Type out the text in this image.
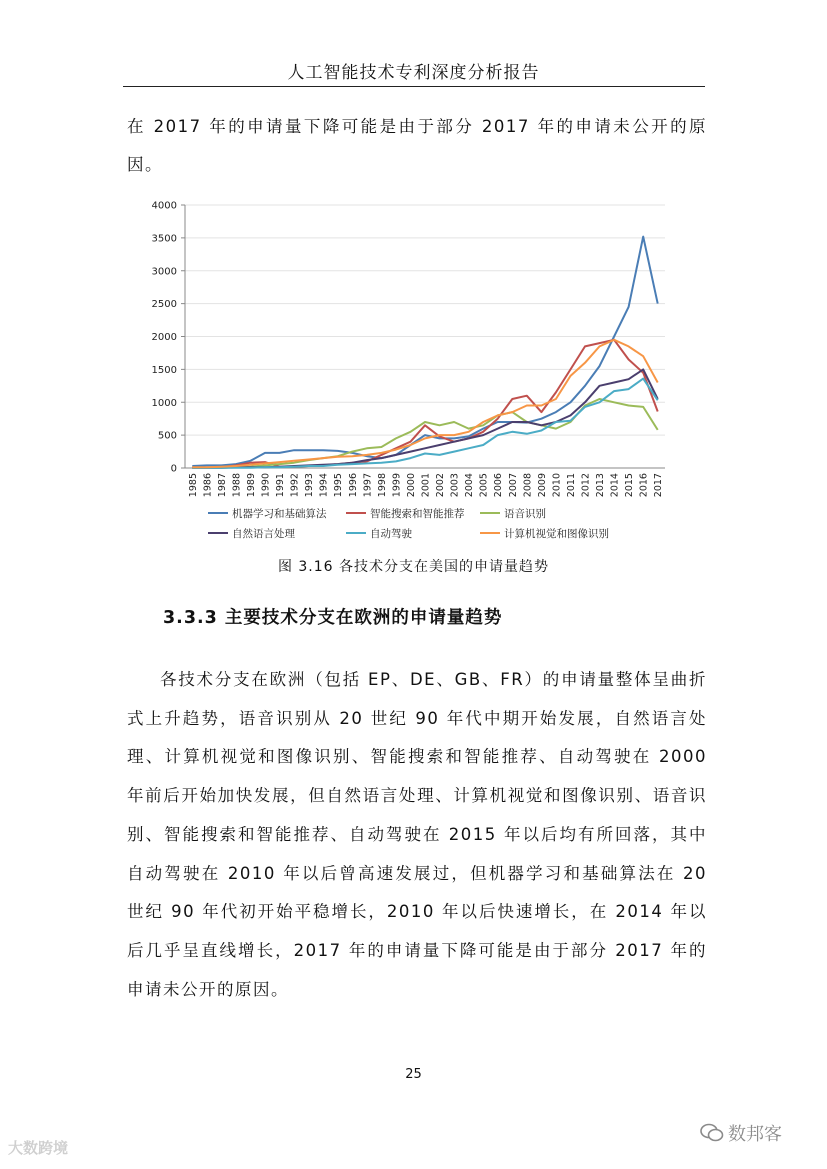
人工智能技术专利深度分析报告
在 2017 年的申请量下降可能是由于部分 2017 年的申请未公开的原因。
0
500
1000
1500
2000
2500
3000
3500
4000
1985 1986 1987 1988 1989 1990 1991 1992 1993 1994 1995 1996 1997 1998 1999 2000 2001 2002 2003 2004 2005 2006 2007 2008 2009 2010 2011 2012 2013 2014 2015 2016 2017
机器学习和基础算法	智能搜索和智能推荐	语音识别
自然语言处理	自动驾驶	计算机视觉和图像识别
图 3.16 各技术分支在美国的申请量趋势
3.3.3 主要技术分支在欧洲的申请量趋势
各技术分支在欧洲（包括 EP、DE、GB、FR）的申请量整体呈曲折式上升趋势，语音识别从 20 世纪 90 年代中期开始发展，自然语言处理、计算机视觉和图像识别、智能搜索和智能推荐、自动驾驶在 2000 年前后开始加快发展，但自然语言处理、计算机视觉和图像识别、语音识别、智能搜索和智能推荐、自动驾驶在 2015 年以后均有所回落，其中自动驾驶在 2010 年以后曾高速发展过，但机器学习和基础算法在 20 世纪 90 年代初开始平稳增长，2010 年以后快速增长，在 2014 年以后几乎呈直线增长，2017 年的申请量下降可能是由于部分 2017 年的申请未公开的原因。
25
大数跨境
数邦客
